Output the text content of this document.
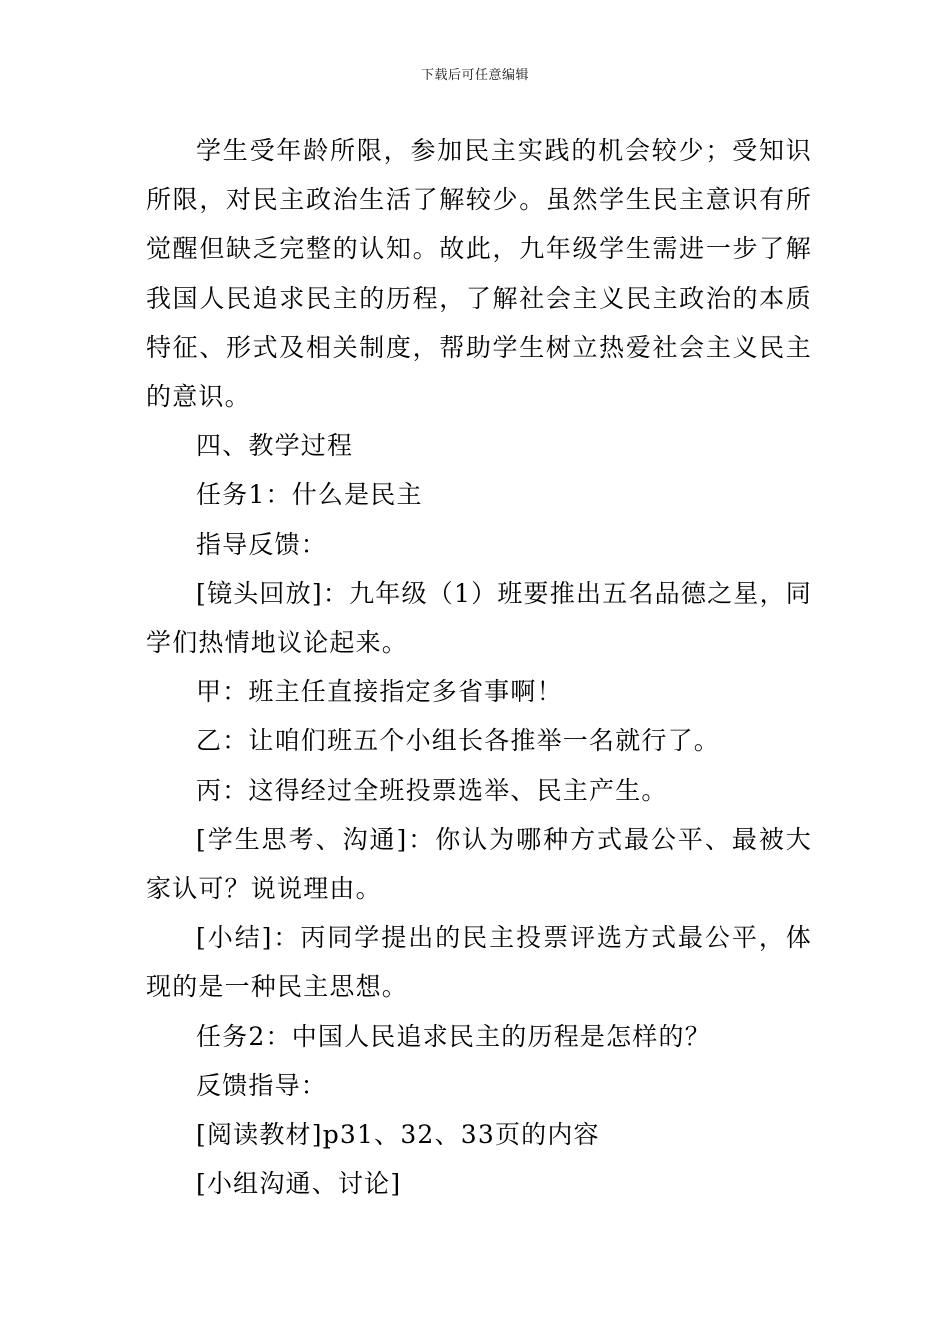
下载后可任意编辑

学生受年龄所限，参加民主实践的机会较少；受知识所限，对民主政治生活了解较少。虽然学生民主意识有所觉醒但缺乏完整的认知。故此，九年级学生需进一步了解我国人民追求民主的历程，了解社会主义民主政治的本质特征、形式及相关制度，帮助学生树立热爱社会主义民主的意识。

四、教学过程

任务1：什么是民主

指导反馈：

[镜头回放]：九年级（1）班要推出五名品德之星，同学们热情地议论起来。

甲：班主任直接指定多省事啊！

乙：让咱们班五个小组长各推举一名就行了。

丙：这得经过全班投票选举、民主产生。

[学生思考、沟通]：你认为哪种方式最公平、最被大家认可？说说理由。

[小结]：丙同学提出的民主投票评选方式最公平，体现的是一种民主思想。

任务2：中国人民追求民主的历程是怎样的？

反馈指导：

[阅读教材]p31、32、33页的内容

[小组沟通、讨论]
